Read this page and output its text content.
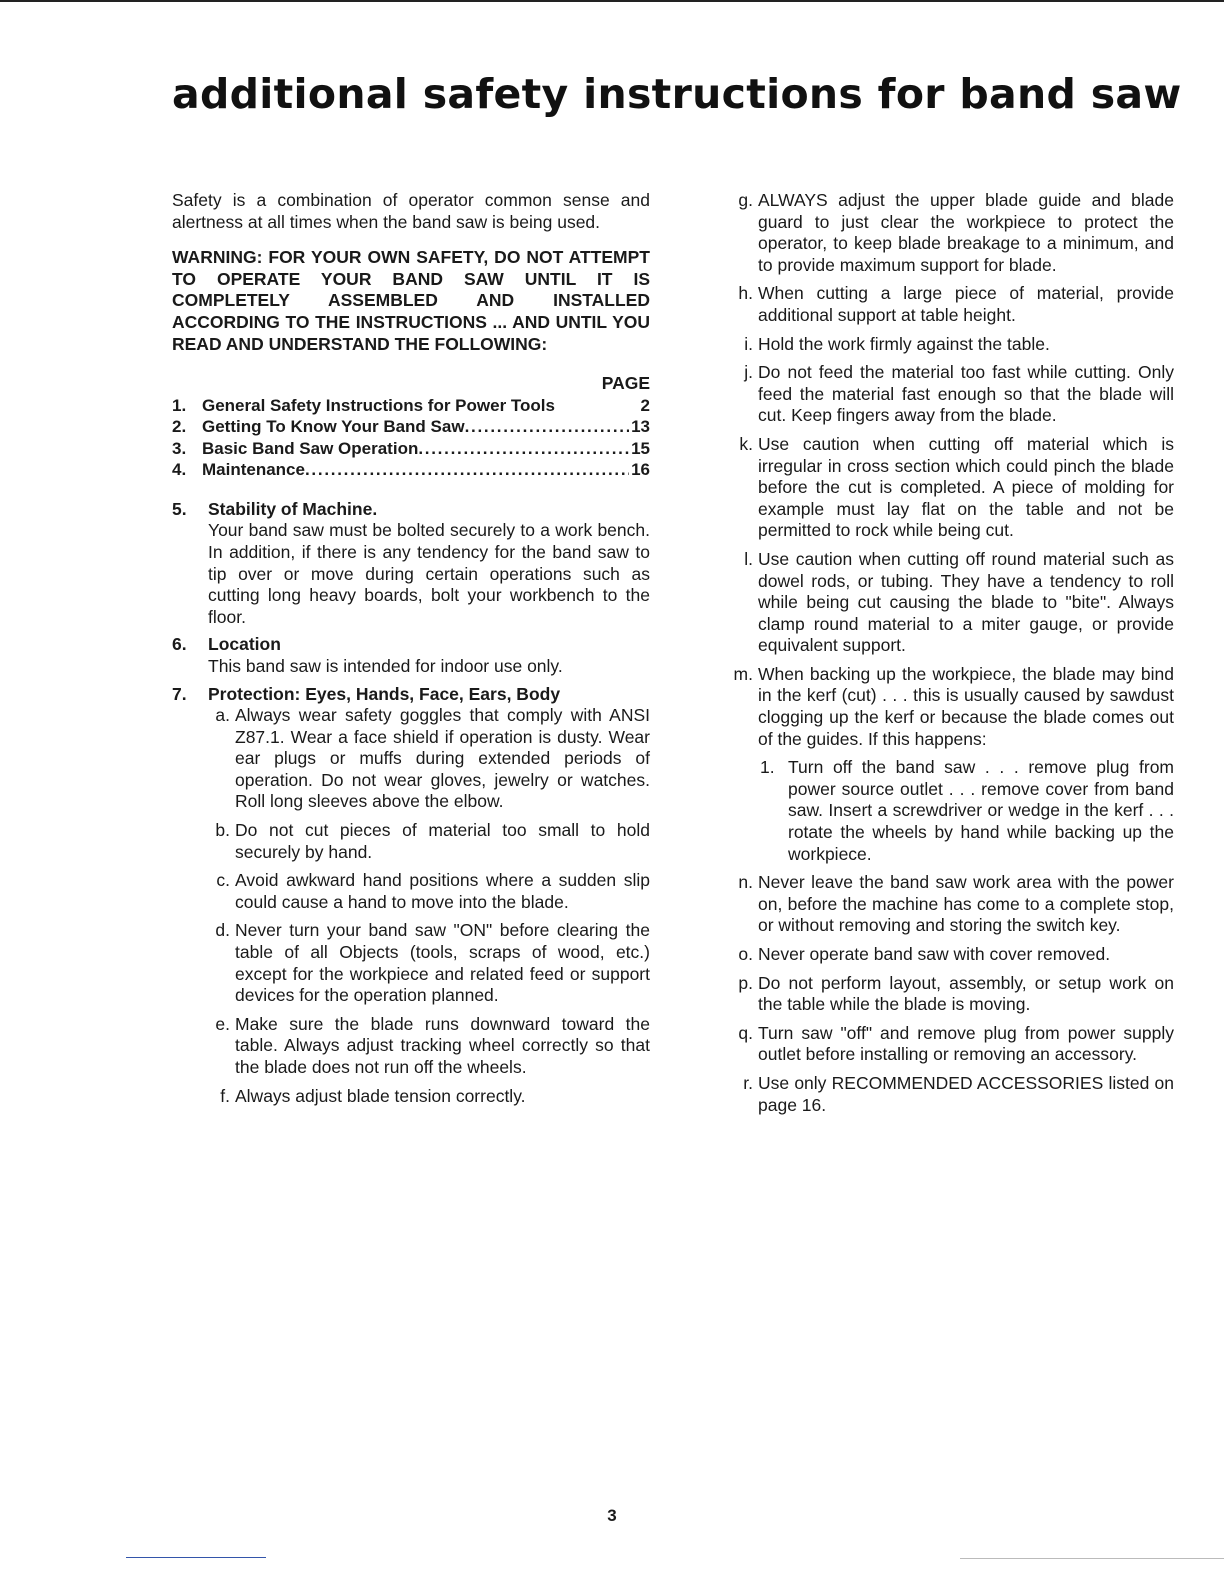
additional safety instructions for band saw

Safety is a combination of operator common sense and alertness at all times when the band saw is being used.

WARNING: FOR YOUR OWN SAFETY, DO NOT ATTEMPT TO OPERATE YOUR BAND SAW UNTIL IT IS COMPLETELY ASSEMBLED AND INSTALLED ACCORDING TO THE INSTRUCTIONS ... AND UNTIL YOU READ AND UNDERSTAND THE FOLLOWING:

PAGE
1. General Safety Instructions for Power Tools	2
2. Getting To Know Your Band Saw . . .	13
3. Basic Band Saw Operation . . .	15
4. Maintenance . . .	16
5.	Stability of Machine.

Your band saw must be bolted securely to a work bench. In addition, if there is any tendency for the band saw to tip over or move during certain operations such as cutting long heavy boards, bolt your workbench to the floor.

6.	Location

This band saw is intended for indoor use only.

7.	Protection: Eyes, Hands, Face, Ears, Body
a. Always wear safety goggles that comply with ANSI Z87.1. Wear a face shield if operation is dusty. Wear ear plugs or muffs during extended periods of operation. Do not wear gloves, jewelry or watches. Roll long sleeves above the elbow.

b. Do not cut pieces of material too small to hold securely by hand.

c. Avoid awkward hand positions where a sudden slip could cause a hand to move into the blade.

d. Never turn your band saw "ON" before clearing the table of all Objects (tools, scraps of wood, etc.) except for the workpiece and related feed or support devices for the operation planned.

e. Make sure the blade runs downward toward the table. Always adjust tracking wheel correctly so that the blade does not run off the wheels.

f. Always adjust blade tension correctly.

g. ALWAYS adjust the upper blade guide and blade guard to just clear the workpiece to protect the operator, to keep blade breakage to a minimum, and to provide maximum support for blade.

h. When cutting a large piece of material, provide additional support at table height.

i. Hold the work firmly against the table.

j. Do not feed the material too fast while cutting. Only feed the material fast enough so that the blade will cut. Keep fingers away from the blade.

k. Use caution when cutting off material which is irregular in cross section which could pinch the blade before the cut is completed. A piece of molding for example must lay flat on the table and not be permitted to rock while being cut.

l. Use caution when cutting off round material such as dowel rods, or tubing. They have a tendency to roll while being cut causing the blade to "bite". Always clamp round material to a miter gauge, or provide equivalent support.

m. When backing up the workpiece, the blade may bind in the kerf (cut) . . . this is usually caused by sawdust clogging up the kerf or because the blade comes out of the guides. If this happens:

1. Turn off the band saw . . . remove plug from power source outlet . . . remove cover from band saw. Insert a screwdriver or wedge in the kerf . . . rotate the wheels by hand while backing up the workpiece.

n. Never leave the band saw work area with the power on, before the machine has come to a complete stop, or without removing and storing the switch key.

o. Never operate band saw with cover removed.

p. Do not perform layout, assembly, or setup work on the table while the blade is moving.

q. Turn saw "off" and remove plug from power supply outlet before installing or removing an accessory.

r. Use only RECOMMENDED ACCESSORIES listed on page 16.

3
